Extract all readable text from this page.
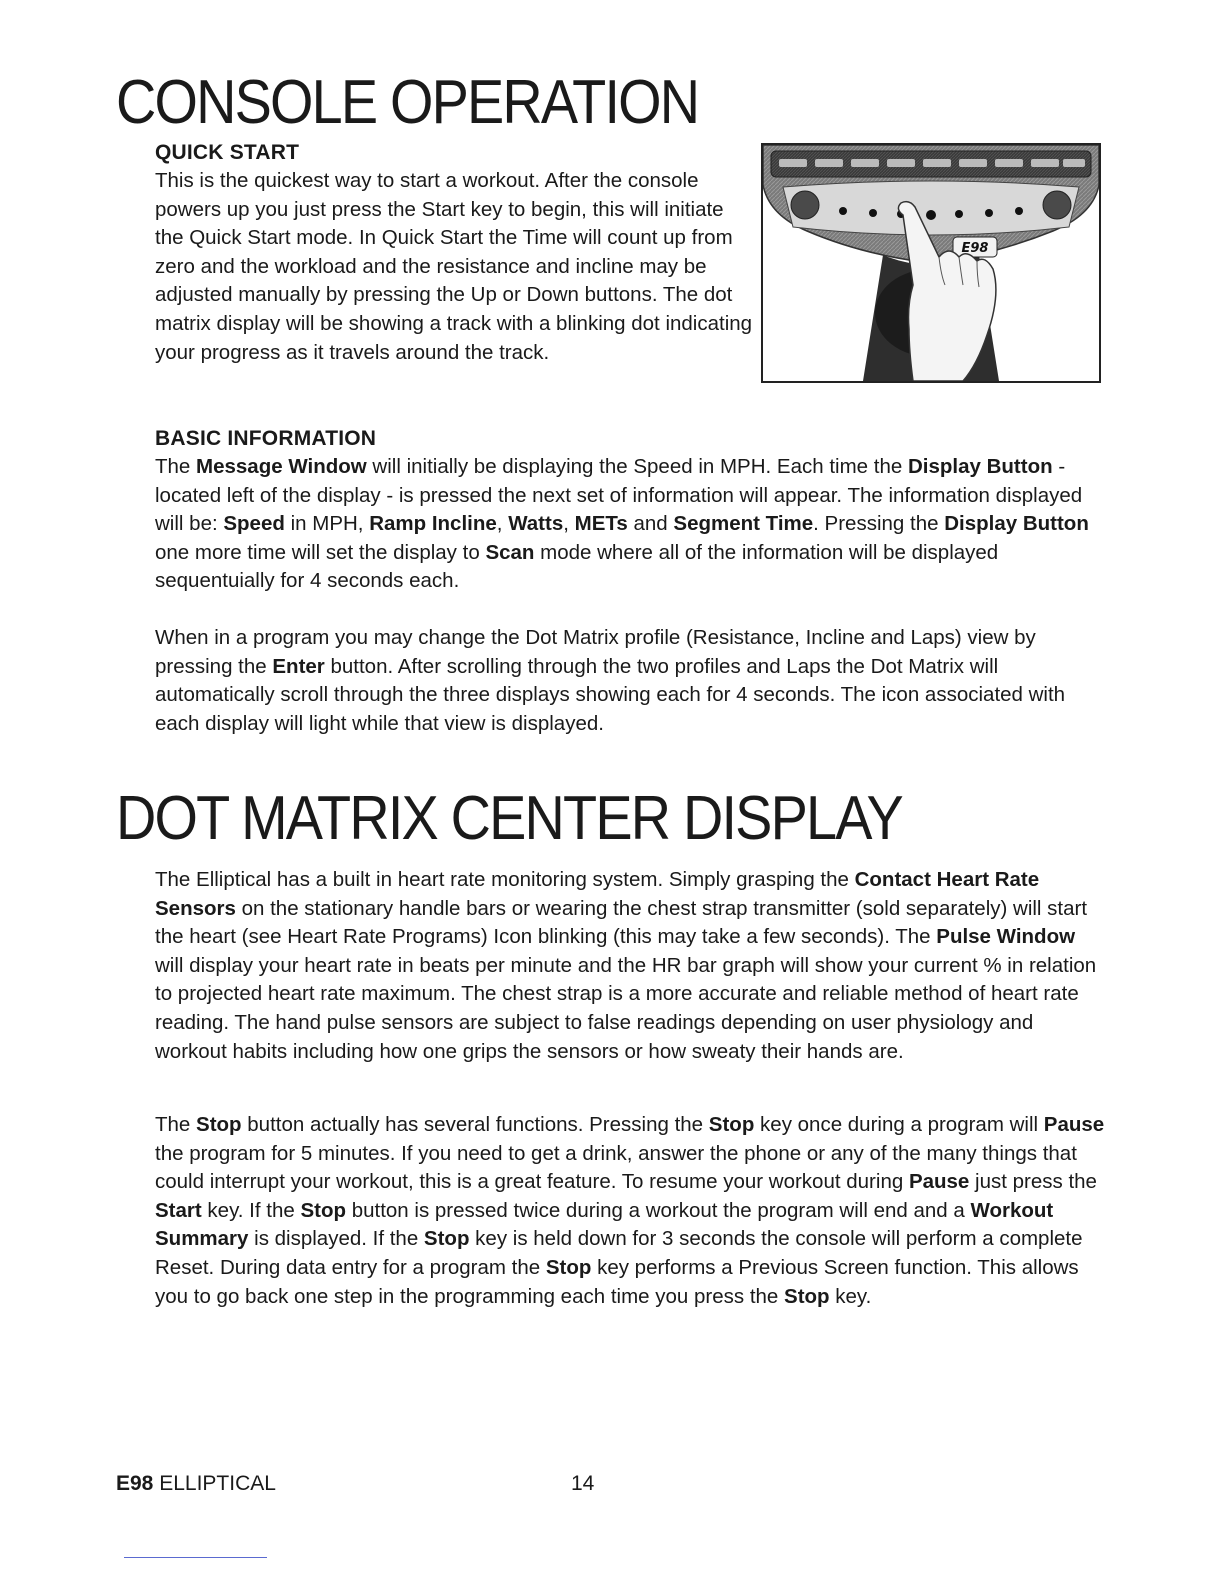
CONSOLE OPERATION
QUICK START

This is the quickest way to start a workout. After the console powers up you just press the Start key to begin, this will initiate the Quick Start mode. In Quick Start the Time will count up from zero and the workload and the resistance and incline may be adjusted manually by pressing the Up or Down buttons. The dot matrix display will be showing a track with a blinking dot indicating your progress as it travels around the track.

E98
BASIC INFORMATION

The Message Window will initially be displaying the Speed in MPH. Each time the Display Button - located left of the display - is pressed the next set of information will appear. The information displayed will be: Speed in MPH, Ramp Incline, Watts, METs and Segment Time. Pressing the Display Button one more time will set the display to Scan mode where all of the information will be displayed sequentuially for 4 seconds each.

When in a program you may change the Dot Matrix profile (Resistance, Incline and Laps) view by pressing the Enter button. After scrolling through the two profiles and Laps the Dot Matrix will automatically scroll through the three displays showing each for 4 seconds. The icon associated with each display will light while that view is displayed.

DOT MATRIX CENTER DISPLAY

The Elliptical has a built in heart rate monitoring system. Simply grasping the Contact Heart Rate Sensors on the stationary handle bars or wearing the chest strap transmitter (sold separately) will start the heart (see Heart Rate Programs) Icon blinking (this may take a few seconds). The Pulse Window will display your heart rate in beats per minute and the HR bar graph will show your current % in relation to projected heart rate maximum. The chest strap is a more accurate and reliable method of heart rate reading. The hand pulse sensors are subject to false readings depending on user physiology and workout habits including how one grips the sensors or how sweaty their hands are.

The Stop button actually has several functions. Pressing the Stop key once during a program will Pause the program for 5 minutes. If you need to get a drink, answer the phone or any of the many things that could interrupt your workout, this is a great feature. To resume your workout during Pause just press the Start key. If the Stop button is pressed twice during a workout the program will end and a Workout Summary is displayed. If the Stop key is held down for 3 seconds the console will perform a complete Reset. During data entry for a program the Stop key performs a Previous Screen function. This allows you to go back one step in the programming each time you press the Stop key.

E98 ELLIPTICAL	14
